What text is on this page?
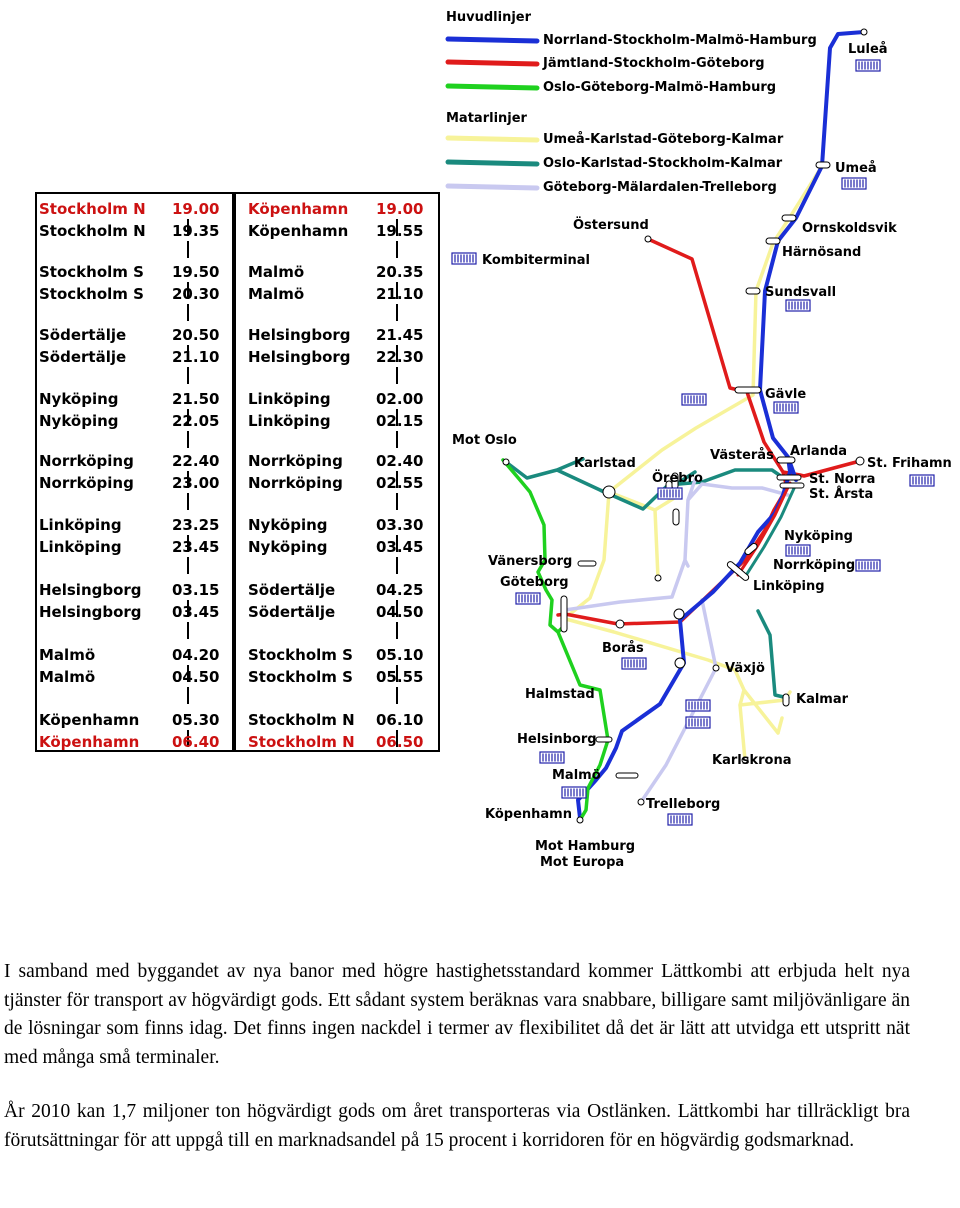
Stockholm N 19.00
Stockholm N 19.35
Stockholm S 19.50
Stockholm S 20.30
Södertälje	20.50
Södertälje	21.10
Nyköping	21.50
Nyköping	22.05
Norrköping	22.40
Norrköping	23.00
Linköping	23.25
Linköping	23.45
Helsingborg 03.15
Helsingborg 03.45
Malmö	04.20
Malmö	04.50
Köpenhamn 05.30
Köpenhamn 06.40
Köpenhamn 19.00
Köpenhamn 19.55
Malmö	20.35
Malmö	21.10
Helsingborg 21.45
Helsingborg 22.30
Linköping	02.00
Linköping	02.15
Norrköping 02.40
Norrköping 02.55
Nyköping	03.30
Nyköping	03.45
Södertälje	04.25
Södertälje	04.50
Stockholm S 05.10
Stockholm S 05.55
Stockholm N 06.10
Stockholm N 06.50
Huvudlinjer
Norrland-Stockholm-Malmö-Hamburg
Jämtland-Stockholm-Göteborg
Oslo-Göteborg-Malmö-Hamburg
Matarlinjer
Umeå-Karlstad-Göteborg-Kalmar
Oslo-Karlstad-Stockholm-Kalmar
Göteborg-Mälardalen-Trelleborg
Kombiterminal
Luleå
Umeå
Ornskoldsvik
Härnösand
Sundsvall
Östersund
Gävle
Arlanda
St. Frihamn
St. Norra
St. Årsta
Västerås
Örebro
Karlstad
Mot Oslo
Nyköping
Norrköping
Linköping
Vänersborg
Göteborg
Borås
Växjö
Kalmar
Halmstad
Helsinborg
Karlskrona
Malmö
Trelleborg
Köpenhamn
Mot Hamburg
Mot Europa

I samband med byggandet av nya banor med högre hastighetsstandard kommer Lättkombi att erbjuda helt nya tjänster för transport av högvärdigt gods. Ett sådant system beräknas vara snabbare, billigare samt miljövänligare än de lösningar som finns idag. Det finns ingen nackdel i termer av flexibilitet då det är lätt att utvidga ett utspritt nät med många små terminaler.

År 2010 kan 1,7 miljoner ton högvärdigt gods om året transporteras via Ostlänken. Lättkombi har tillräckligt bra förutsättningar för att uppgå till en marknadsandel på 15 procent i korridoren för en högvärdig godsmarknad.
